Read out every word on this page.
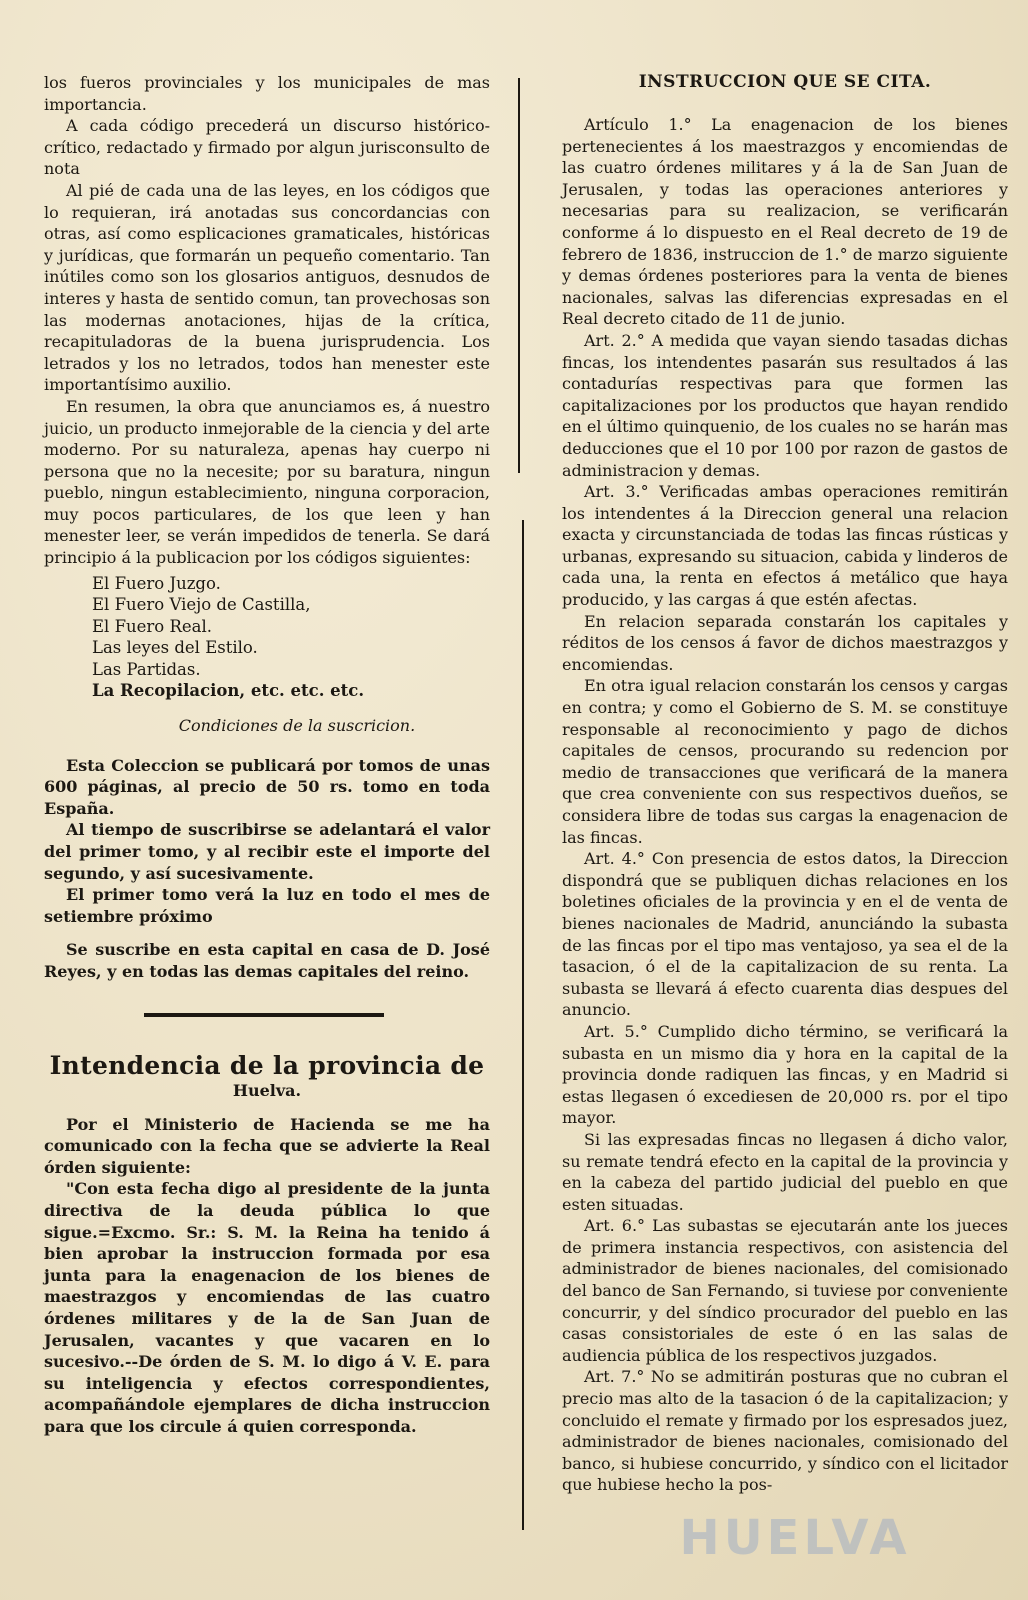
los fueros provinciales y los municipales de mas importancia.

A cada código precederá un discurso histórico-crítico, redactado y firmado por algun jurisconsulto de nota

Al pié de cada una de las leyes, en los códigos que lo requieran, irá anotadas sus concordancias con otras, así como esplicaciones gramaticales, históricas y jurídicas, que formarán un pequeño comentario. Tan inútiles como son los glosarios antiguos, desnudos de interes y hasta de sentido comun, tan provechosas son las modernas anotaciones, hijas de la crítica, recapituladoras de la buena jurisprudencia. Los letrados y los no letrados, todos han menester este importantísimo auxilio.

En resumen, la obra que anunciamos es, á nuestro juicio, un producto inmejorable de la ciencia y del arte moderno. Por su naturaleza, apenas hay cuerpo ni persona que no la necesite; por su baratura, ningun pueblo, ningun establecimiento, ninguna corporacion, muy pocos particulares, de los que leen y han menester leer, se verán impedidos de tenerla. Se dará principio á la publicacion por los códigos siguientes:

El Fuero Juzgo.
El Fuero Viejo de Castilla,
El Fuero Real.
Las leyes del Estilo.
Las Partidas.
La Recopilacion, etc. etc. etc.
Condiciones de la suscricion.

Esta Coleccion se publicará por tomos de unas 600 páginas, al precio de 50 rs. tomo en toda España.

Al tiempo de suscribirse se adelantará el valor del primer tomo, y al recibir este el importe del segundo, y así sucesivamente.

El primer tomo verá la luz en todo el mes de setiembre próximo

Se suscribe en esta capital en casa de D. José Reyes, y en todas las demas capitales del reino.

Intendencia de la provincia de
Huelva.

Por el Ministerio de Hacienda se me ha comunicado con la fecha que se advierte la Real órden siguiente:

"Con esta fecha digo al presidente de la junta directiva de la deuda pública lo que sigue.=Excmo. Sr.: S. M. la Reina ha tenido á bien aprobar la instruccion formada por esa junta para la enagenacion de los bienes de maestrazgos y encomiendas de las cuatro órdenes militares y de la de San Juan de Jerusalen, vacantes y que vacaren en lo sucesivo.--De órden de S. M. lo digo á V. E. para su inteligencia y efectos correspondientes, acompañándole ejemplares de dicha instruccion para que los circule á quien corresponda.

INSTRUCCION QUE SE CITA.

Artículo 1.° La enagenacion de los bienes pertenecientes á los maestrazgos y encomiendas de las cuatro órdenes militares y á la de San Juan de Jerusalen, y todas las operaciones anteriores y necesarias para su realizacion, se verificarán conforme á lo dispuesto en el Real decreto de 19 de febrero de 1836, instruccion de 1.° de marzo siguiente y demas órdenes posteriores para la venta de bienes nacionales, salvas las diferencias expresadas en el Real decreto citado de 11 de junio.

Art. 2.° A medida que vayan siendo tasadas dichas fincas, los intendentes pasarán sus resultados á las contadurías respectivas para que formen las capitalizaciones por los productos que hayan rendido en el último quinquenio, de los cuales no se harán mas deducciones que el 10 por 100 por razon de gastos de administracion y demas.

Art. 3.° Verificadas ambas operaciones remitirán los intendentes á la Direccion general una relacion exacta y circunstanciada de todas las fincas rústicas y urbanas, expresando su situacion, cabida y linderos de cada una, la renta en efectos á metálico que haya producido, y las cargas á que estén afectas.

En relacion separada constarán los capitales y réditos de los censos á favor de dichos maestrazgos y encomiendas.

En otra igual relacion constarán los censos y cargas en contra; y como el Gobierno de S. M. se constituye responsable al reconocimiento y pago de dichos capitales de censos, procurando su redencion por medio de transacciones que verificará de la manera que crea conveniente con sus respectivos dueños, se considera libre de todas sus cargas la enagenacion de las fincas.

Art. 4.° Con presencia de estos datos, la Direccion dispondrá que se publiquen dichas relaciones en los boletines oficiales de la provincia y en el de venta de bienes nacionales de Madrid, anunciándo la subasta de las fincas por el tipo mas ventajoso, ya sea el de la tasacion, ó el de la capitalizacion de su renta. La subasta se llevará á efecto cuarenta dias despues del anuncio.

Art. 5.° Cumplido dicho término, se verificará la subasta en un mismo dia y hora en la capital de la provincia donde radiquen las fincas, y en Madrid si estas llegasen ó excediesen de 20,000 rs. por el tipo mayor.

Si las expresadas fincas no llegasen á dicho valor, su remate tendrá efecto en la capital de la provincia y en la cabeza del partido judicial del pueblo en que esten situadas.

Art. 6.° Las subastas se ejecutarán ante los jueces de primera instancia respectivos, con asistencia del administrador de bienes nacionales, del comisionado del banco de San Fernando, si tuviese por conveniente concurrir, y del síndico procurador del pueblo en las casas consistoriales de este ó en las salas de audiencia pública de los respectivos juzgados.

Art. 7.° No se admitirán posturas que no cubran el precio mas alto de la tasacion ó de la capitalizacion; y concluido el remate y firmado por los espresados juez, administrador de bienes nacionales, comisionado del banco, si hubiese concurrido, y síndico con el licitador que hubiese hecho la pos-

HUELVA
